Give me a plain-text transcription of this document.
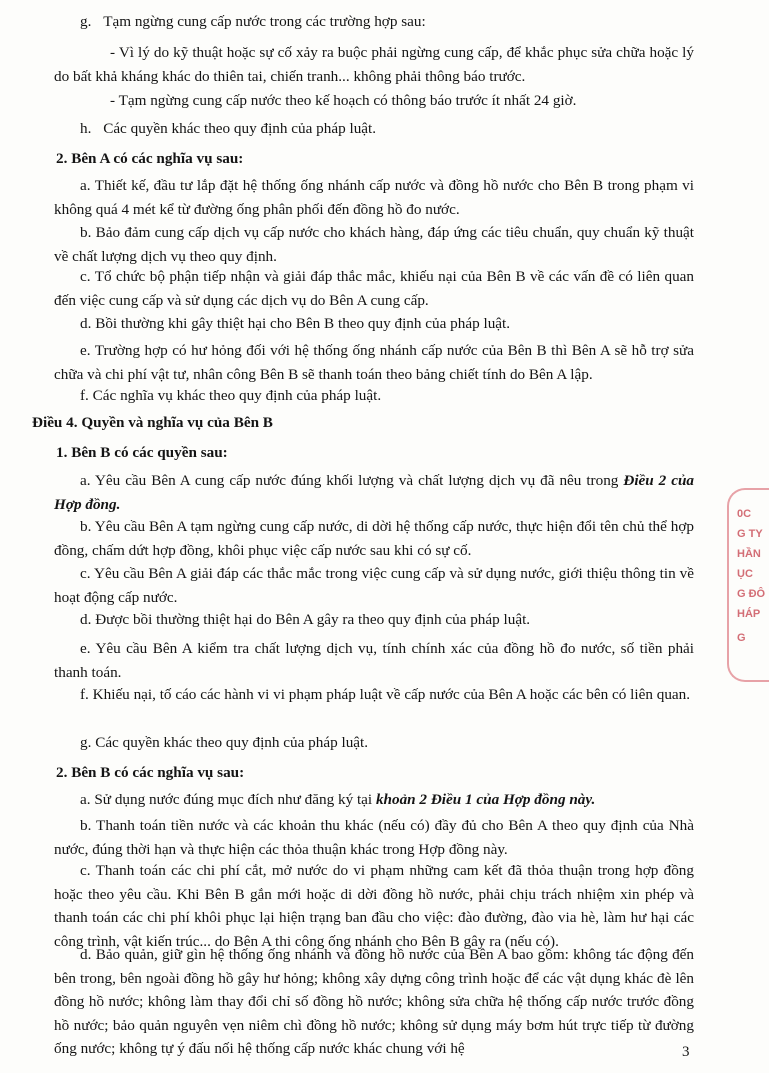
g. Tạm ngừng cung cấp nước trong các trường hợp sau:
- Vì lý do kỹ thuật hoặc sự cố xảy ra buộc phải ngừng cung cấp, để khắc phục sửa chữa hoặc lý do bất khả kháng khác do thiên tai, chiến tranh... không phải thông báo trước.
- Tạm ngừng cung cấp nước theo kế hoạch có thông báo trước ít nhất 24 giờ.
h. Các quyền khác theo quy định của pháp luật.
2. Bên A có các nghĩa vụ sau:
a. Thiết kế, đầu tư lắp đặt hệ thống ống nhánh cấp nước và đồng hồ nước cho Bên B trong phạm vi không quá 4 mét kể từ đường ống phân phối đến đồng hồ đo nước.
b. Bảo đảm cung cấp dịch vụ cấp nước cho khách hàng, đáp ứng các tiêu chuẩn, quy chuẩn kỹ thuật về chất lượng dịch vụ theo quy định.
c. Tổ chức bộ phận tiếp nhận và giải đáp thắc mắc, khiếu nại của Bên B về các vấn đề có liên quan đến việc cung cấp và sử dụng các dịch vụ do Bên A cung cấp.
d. Bồi thường khi gây thiệt hại cho Bên B theo quy định của pháp luật.
e. Trường hợp có hư hỏng đối với hệ thống ống nhánh cấp nước của Bên B thì Bên A sẽ hỗ trợ sửa chữa và chi phí vật tư, nhân công Bên B sẽ thanh toán theo bảng chiết tính do Bên A lập.
f. Các nghĩa vụ khác theo quy định của pháp luật.
Điều 4. Quyền và nghĩa vụ của Bên B
1. Bên B có các quyền sau:
a. Yêu cầu Bên A cung cấp nước đúng khối lượng và chất lượng dịch vụ đã nêu trong Điều 2 của Hợp đồng.
b. Yêu cầu Bên A tạm ngừng cung cấp nước, di dời hệ thống cấp nước, thực hiện đổi tên chủ thể hợp đồng, chấm dứt hợp đồng, khôi phục việc cấp nước sau khi có sự cố.
c. Yêu cầu Bên A giải đáp các thắc mắc trong việc cung cấp và sử dụng nước, giới thiệu thông tin về hoạt động cấp nước.
d. Được bồi thường thiệt hại do Bên A gây ra theo quy định của pháp luật.
e. Yêu cầu Bên A kiểm tra chất lượng dịch vụ, tính chính xác của đồng hồ đo nước, số tiền phải thanh toán.
f. Khiếu nại, tố cáo các hành vi vi phạm pháp luật về cấp nước của Bên A hoặc các bên có liên quan.
g. Các quyền khác theo quy định của pháp luật.
2. Bên B có các nghĩa vụ sau:
a. Sử dụng nước đúng mục đích như đăng ký tại khoản 2 Điều 1 của Hợp đồng này.
b. Thanh toán tiền nước và các khoản thu khác (nếu có) đầy đủ cho Bên A theo quy định của Nhà nước, đúng thời hạn và thực hiện các thỏa thuận khác trong Hợp đồng này.
c. Thanh toán các chi phí cắt, mở nước do vi phạm những cam kết đã thỏa thuận trong hợp đồng hoặc theo yêu cầu. Khi Bên B gắn mới hoặc di dời đồng hồ nước, phải chịu trách nhiệm xin phép và thanh toán các chi phí khôi phục lại hiện trạng ban đầu cho việc: đào đường, đào via hè, làm hư hại các công trình, vật kiến trúc... do Bên A thi công ống nhánh cho Bên B gây ra (nếu có).
d. Bảo quản, giữ gìn hệ thống ống nhánh và đồng hồ nước của Bên A bao gồm: không tác động đến bên trong, bên ngoài đồng hồ gây hư hỏng; không xây dựng công trình hoặc để các vật dụng khác đè lên đồng hồ nước; không làm thay đổi chỉ số đồng hồ nước; không sửa chữa hệ thống cấp nước trước đồng hồ nước; bảo quản nguyên vẹn niêm chì đồng hồ nước; không sử dụng máy bơm hút trực tiếp từ đường ống nước; không tự ý đấu nối hệ thống cấp nước khác chung với hệ	3
0C
G TY
HẦN
ỤC
G ĐÔ
HÁP
G
